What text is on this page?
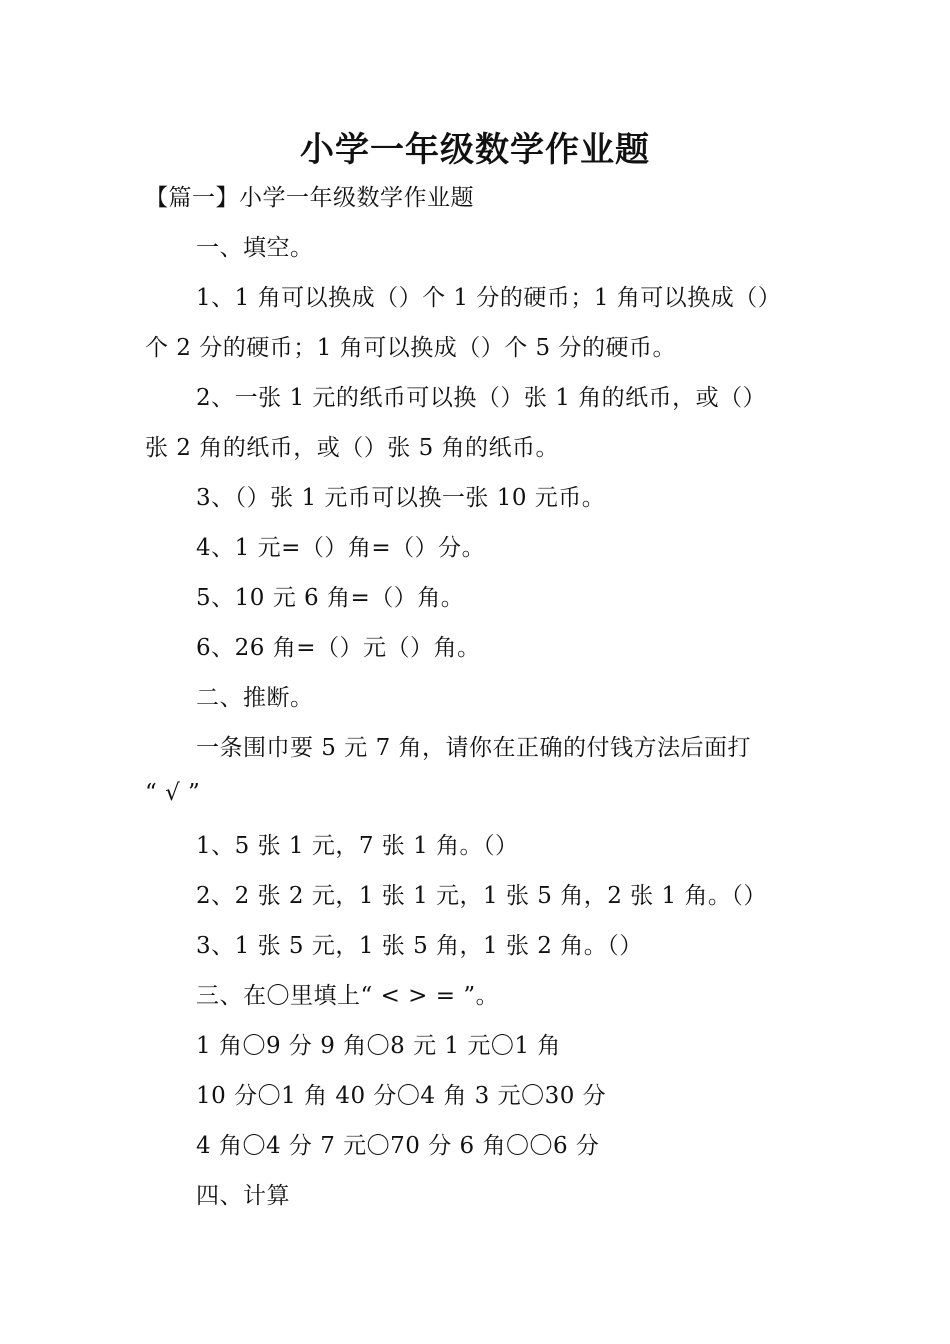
小学一年级数学作业题
【篇一】小学一年级数学作业题
一、填空。
1、1 角可以换成（）个 1 分的硬币；1 角可以换成（）
个 2 分的硬币；1 角可以换成（）个 5 分的硬币。
2、一张 1 元的纸币可以换（）张 1 角的纸币，或（）
张 2 角的纸币，或（）张 5 角的纸币。
3、（）张 1 元币可以换一张 10 元币。
4、1 元=（）角=（）分。
5、10 元 6 角=（）角。
6、26 角=（）元（）角。
二、推断。
一条围巾要 5 元 7 角，请你在正确的付钱方法后面打
“ √ ”
1、5 张 1 元，7 张 1 角。（）
2、2 张 2 元，1 张 1 元，1 张 5 角，2 张 1 角。（）
3、1 张 5 元，1 张 5 角，1 张 2 角。（）
三、在〇里填上“ < > = ”。
1 角〇9 分 9 角〇8 元 1 元〇1 角
10 分〇1 角 40 分〇4 角 3 元〇30 分
4 角〇4 分 7 元〇70 分 6 角〇〇6 分
四、计算
